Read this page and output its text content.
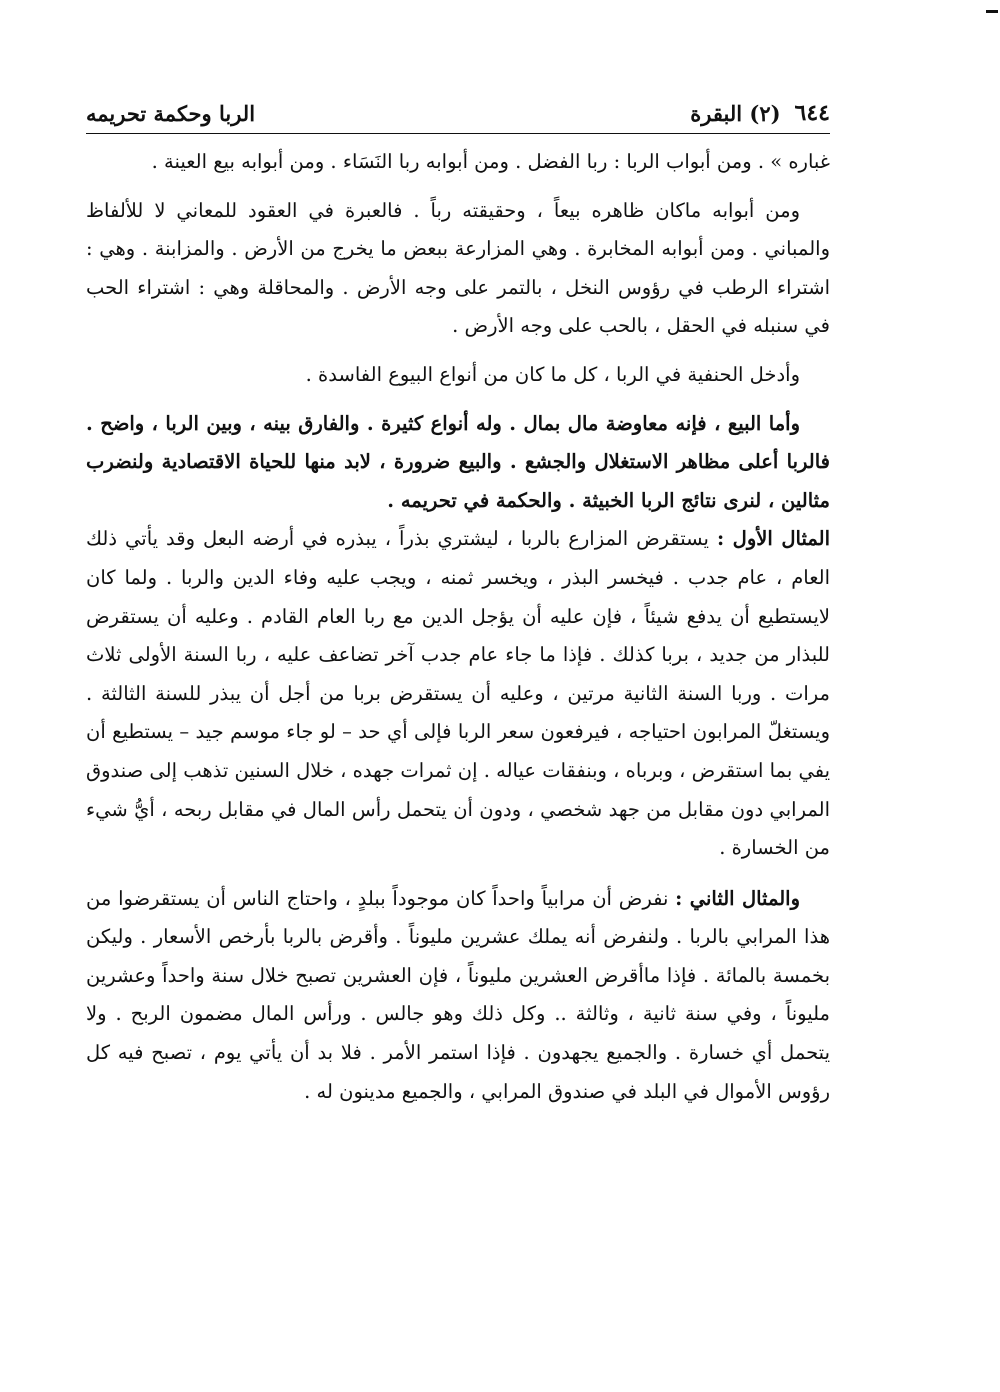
٦٤٤
(٢) البقرة
الربا وحكمة تحريمه

غباره » . ومن أبواب الربا : ربا الفضل . ومن أبوابه ربا النَسَاء . ومن أبوابه بيع العينة .

ومن أبوابه ماكان ظاهره بيعاً ، وحقيقته رباً . فالعبرة في العقود للمعاني لا للألفاظ والمباني . ومن أبوابه المخابرة . وهي المزارعة ببعض ما يخرج من الأرض . والمزابنة . وهي : اشتراء الرطب في رؤوس النخل ، بالتمر على وجه الأرض . والمحاقلة وهي : اشتراء الحب في سنبله في الحقل ، بالحب على وجه الأرض .

وأدخل الحنفية في الربا ، كل ما كان من أنواع البيوع الفاسدة .

وأما البيع ، فإنه معاوضة مال بمال . وله أنواع كثيرة . والفارق بينه ، وبين الربا ، واضح . فالربا أعلى مظاهر الاستغلال والجشع . والبيع ضرورة ، لابد منها للحياة الاقتصادية ولنضرب مثالين ، لنرى نتائج الربا الخبيثة . والحكمة في تحريمه .

المثال الأول : يستقرض المزارع بالربا ، ليشتري بذراً ، يبذره في أرضه البعل وقد يأتي ذلك العام ، عام جدب . فيخسر البذر ، ويخسر ثمنه ، ويجب عليه وفاء الدين والربا . ولما كان لايستطيع أن يدفع شيئاً ، فإن عليه أن يؤجل الدين مع ربا العام القادم . وعليه أن يستقرض للبذار من جديد ، بربا كذلك . فإذا ما جاء عام جدب آخر تضاعف عليه ، ربا السنة الأولى ثلاث مرات . وربا السنة الثانية مرتين ، وعليه أن يستقرض بربا من أجل أن يبذر للسنة الثالثة . ويستغلّ المرابون احتياجه ، فيرفعون سعر الربا فإلى أي حد – لو جاء موسم جيد – يستطيع أن يفي بما استقرض ، وبرباه ، وبنفقات عياله . إن ثمرات جهده ، خلال السنين تذهب إلى صندوق المرابي دون مقابل من جهد شخصي ، ودون أن يتحمل رأس المال في مقابل ربحه ، أيُّ شيء من الخسارة .

والمثال الثاني : نفرض أن مرابياً واحداً كان موجوداً ببلدٍ ، واحتاج الناس أن يستقرضوا من هذا المرابي بالربا . ولنفرض أنه يملك عشرين مليوناً . وأقرض بالربا بأرخص الأسعار . وليكن بخمسة بالمائة . فإذا ماأقرض العشرين مليوناً ، فإن العشرين تصبح خلال سنة واحداً وعشرين مليوناً ، وفي سنة ثانية ، وثالثة .. وكل ذلك وهو جالس . ورأس المال مضمون الربح . ولا يتحمل أي خسارة . والجميع يجهدون . فإذا استمر الأمر . فلا بد أن يأتي يوم ، تصبح فيه كل رؤوس الأموال في البلد في صندوق المرابي ، والجميع مدينون له .
